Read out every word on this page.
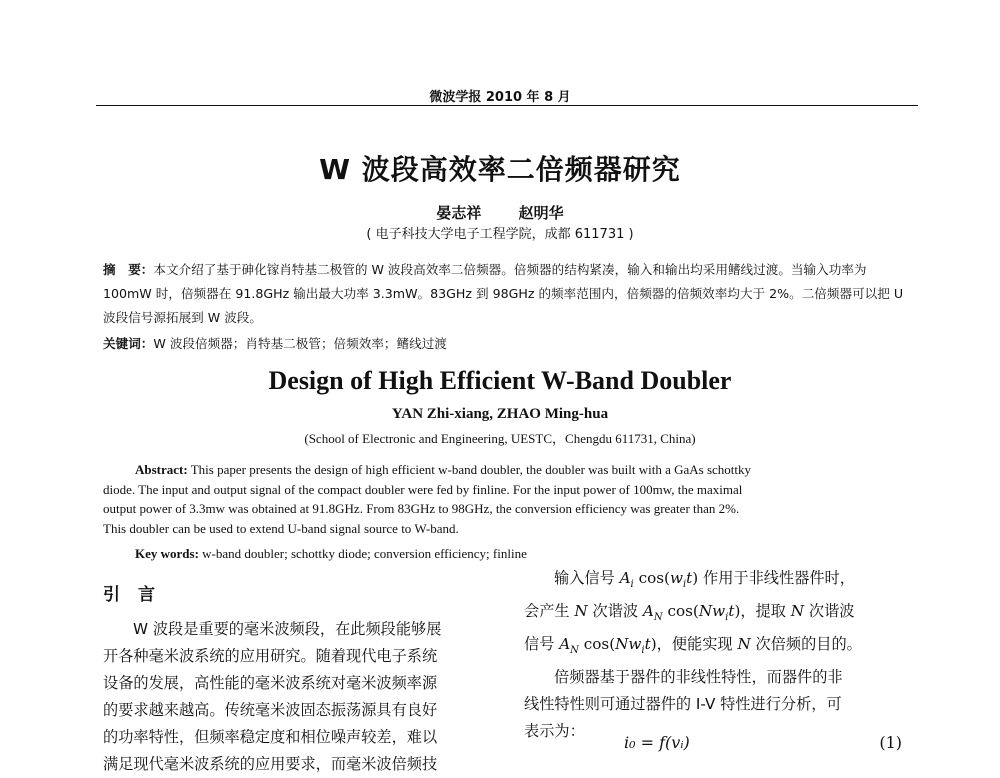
微波学报 2010 年 8 月
W 波段高效率二倍频器研究
晏志祥 赵明华
( 电子科技大学电子工程学院，成都 611731 )
摘　要：本文介绍了基于砷化镓肖特基二极管的 W 波段高效率二倍频器。倍频器的结构紧凑，输入和输出均采用鳍线过渡。当输入功率为 100mW 时，倍频器在 91.8GHz 输出最大功率 3.3mW。83GHz 到 98GHz 的频率范围内，倍频器的倍频效率均大于 2%。二倍频器可以把 U 波段信号源拓展到 W 波段。
关键词：W 波段倍频器；肖特基二极管；倍频效率；鳍线过渡
Design of High Efficient W-Band Doubler
YAN Zhi-xiang, ZHAO Ming-hua
(School of Electronic and Engineering, UESTC，Chengdu 611731, China)
Abstract: This paper presents the design of high efficient w-band doubler, the doubler was built with a GaAs schottky
diode. The input and output signal of the compact doubler were fed by finline. For the input power of 100mw, the maximal
output power of 3.3mw was obtained at 91.8GHz. From 83GHz to 98GHz, the conversion efficiency was greater than 2%.
This doubler can be used to extend U-band signal source to W-band.
Key words: w-band doubler; schottky diode; conversion efficiency; finline
引言
W 波段是重要的毫米波频段，在此频段能够展
开各种毫米波系统的应用研究。随着现代电子系统
设备的发展，高性能的毫米波系统对毫米波频率源
的要求越来越高。传统毫米波固态振荡源具有良好
的功率特性，但频率稳定度和相位噪声较差，难以
满足现代毫米波系统的应用要求，而毫米波倍频技
输入信号 $A_i$ $\cos(w_it)$ 作用于非线性器件时，
会产生 N 次谐波 $A_N$ $\cos(Nw_it)$，提取 N 次谐波
信号 $A_N$ $\cos(Nw_it)$，便能实现 N 次倍频的目的。
倍频器基于器件的非线性特性，而器件的非
线性特性则可通过器件的 I-V 特性进行分析，可
表示为：
i₀ = f(vᵢ)	(1)
